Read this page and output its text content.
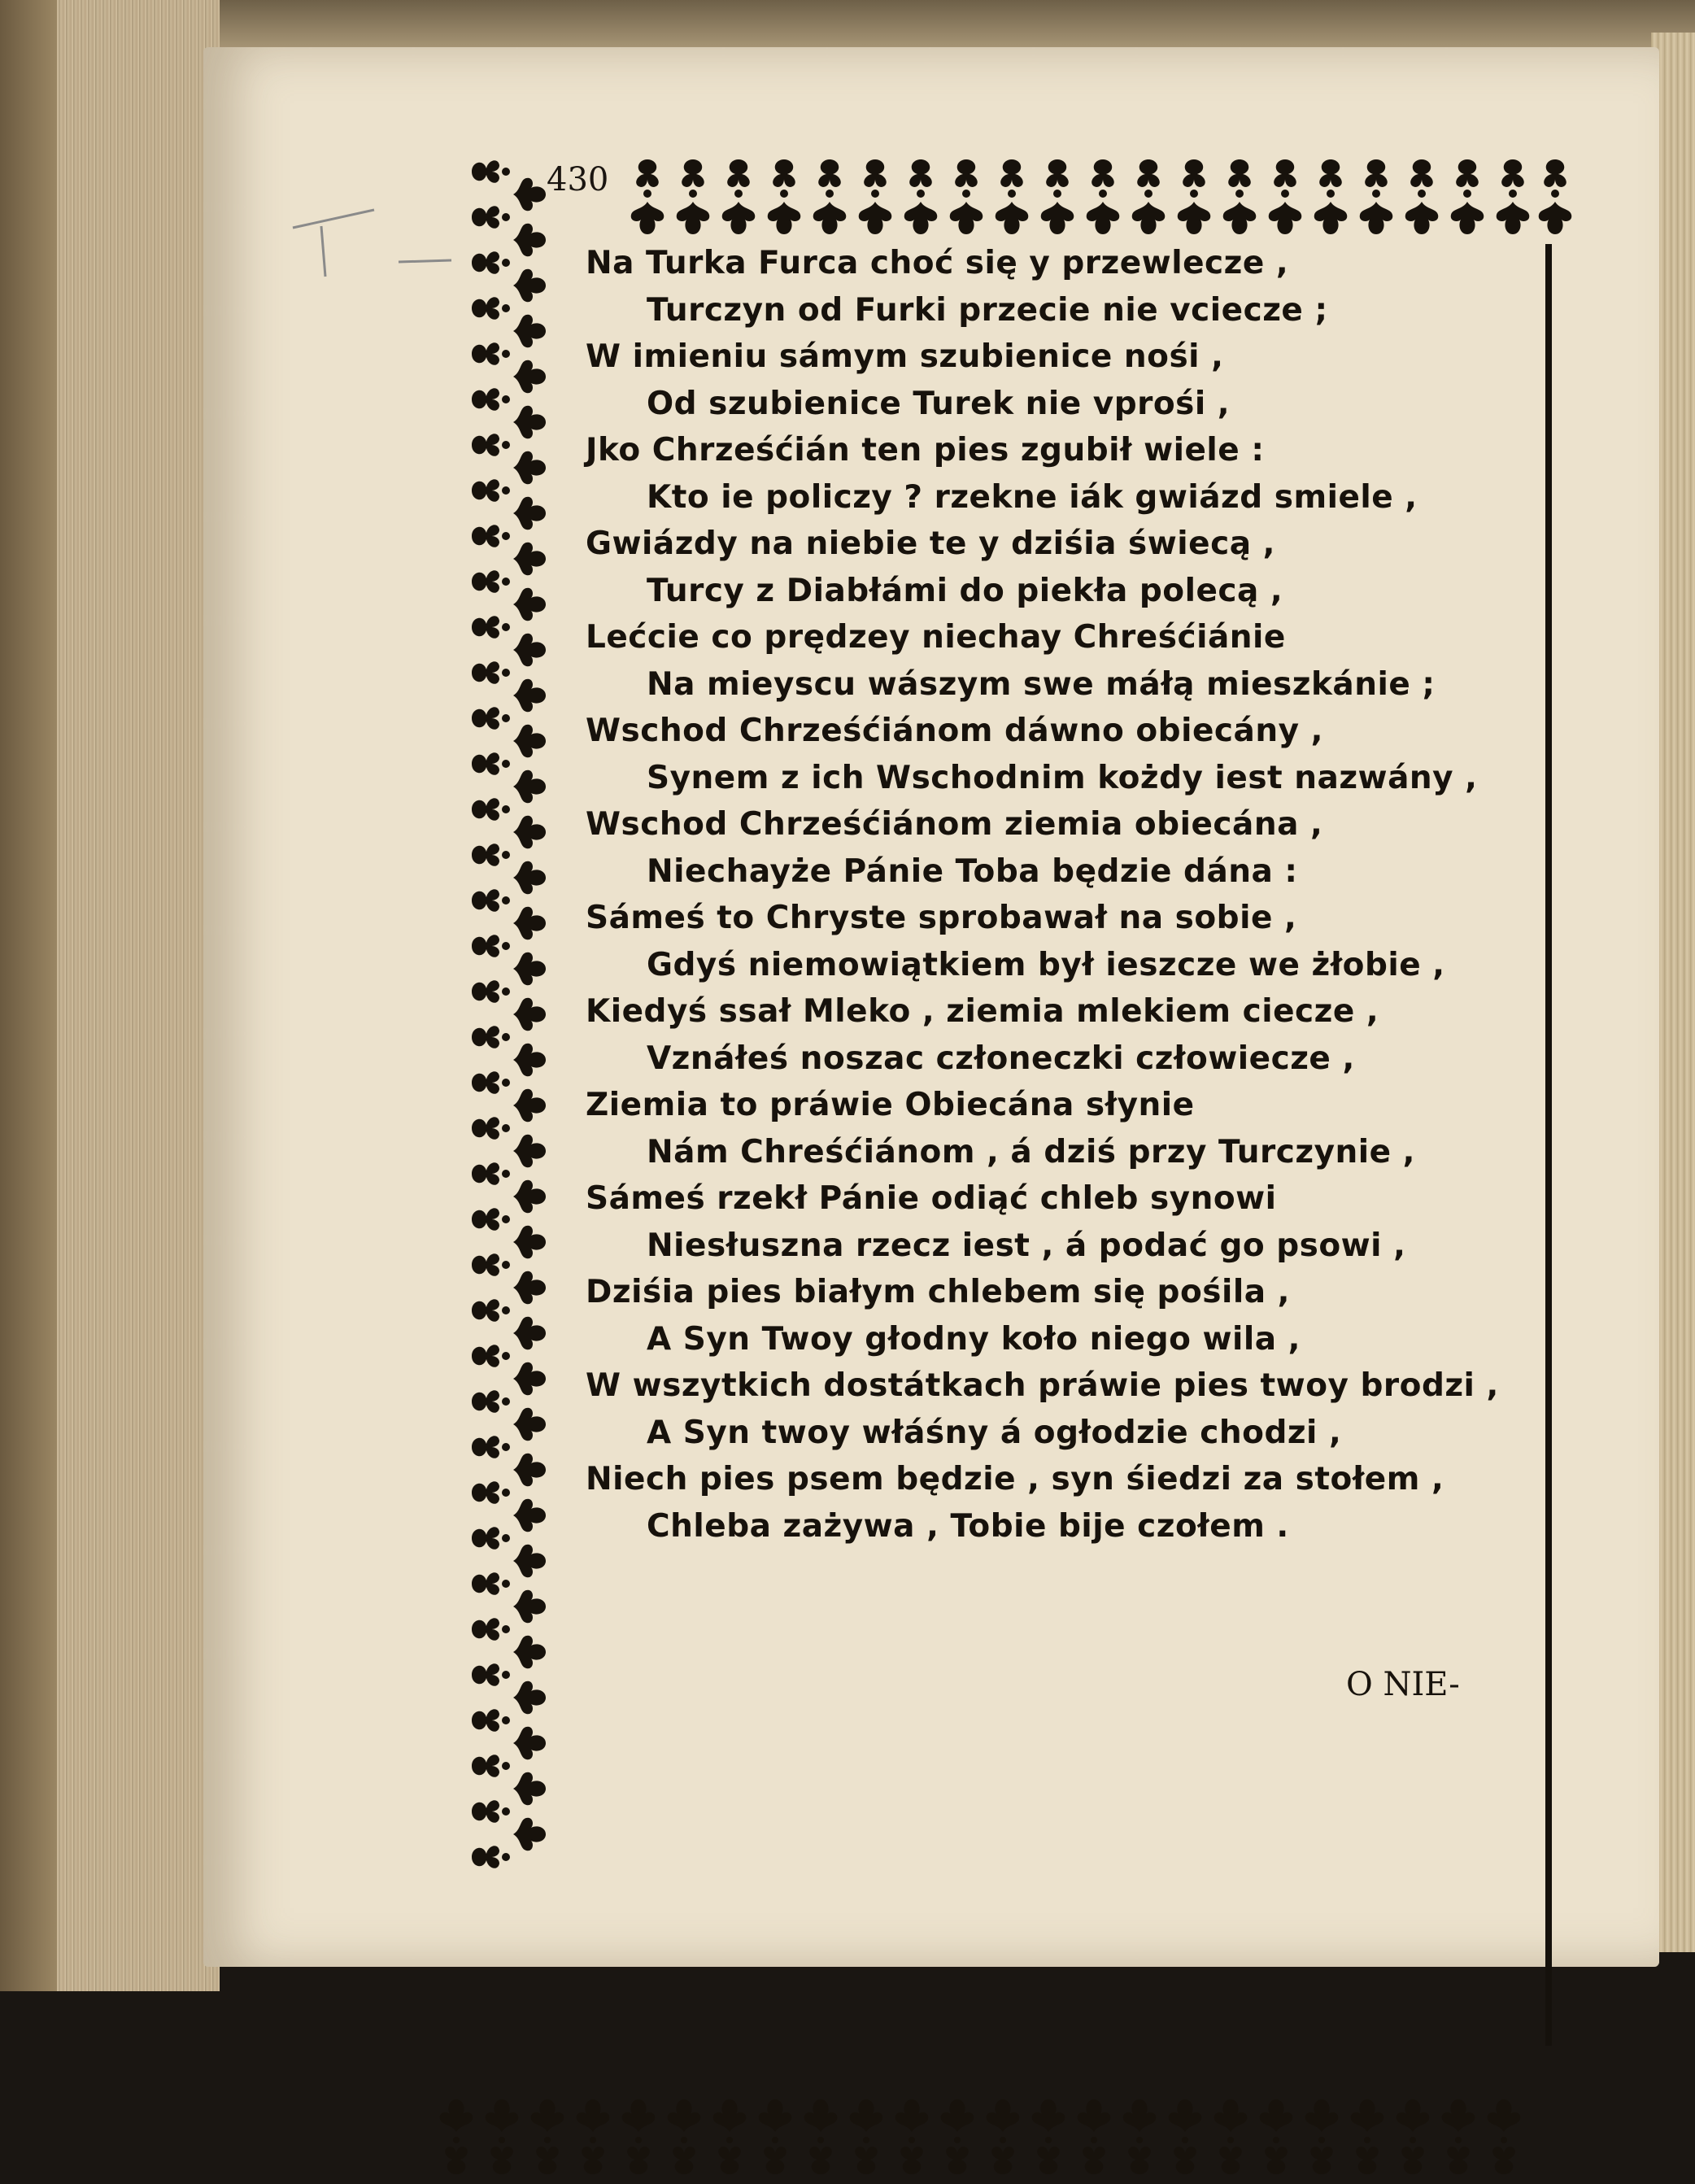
430
Na Turka Furca choć się y przewlecze ,
Turczyn od Furki przecie nie vciecze ;
W imieniu sámym szubienice nośi ,
Od szubienice Turek nie vprośi ,
Jko Chrześćián ten pies zgubił wiele :
Kto ie policzy ? rzekne iák gwiázd smiele ,
Gwiázdy na niebie te y dziśia świecą ,
Turcy z Diabłámi do piekła polecą ,
Lećcie co prędzey niechay Chreśćiánie
Na mieyscu wászym swe máłą mieszkánie ;
Wschod Chrześćiánom dáwno obiecány ,
Synem z ich Wschodnim kożdy iest nazwány ,
Wschod Chrześćiánom ziemia obiecána ,
Niechayże Pánie Toba będzie dána :
Sámeś to Chryste sprobawał na sobie ,
Gdyś niemowiątkiem był ieszcze we żłobie ,
Kiedyś ssał Mleko , ziemia mlekiem ciecze ,
Vznáłeś noszac członeczki człowiecze ,
Ziemia to práwie Obiecána słynie
Nám Chreśćiánom , á dziś przy Turczynie ,
Sámeś rzekł Pánie odiąć chleb synowi
Niesłuszna rzecz iest , á podać go psowi ,
Dziśia pies białym chlebem się pośila ,
A Syn Twoy głodny koło niego wila ,
W wszytkich dostátkach práwie pies twoy brodzi ,
A Syn twoy włáśny á ogłodzie chodzi ,
Niech pies psem będzie , syn śiedzi za stołem ,
Chleba zażywa , Tobie bije czołem .
O NIE-
